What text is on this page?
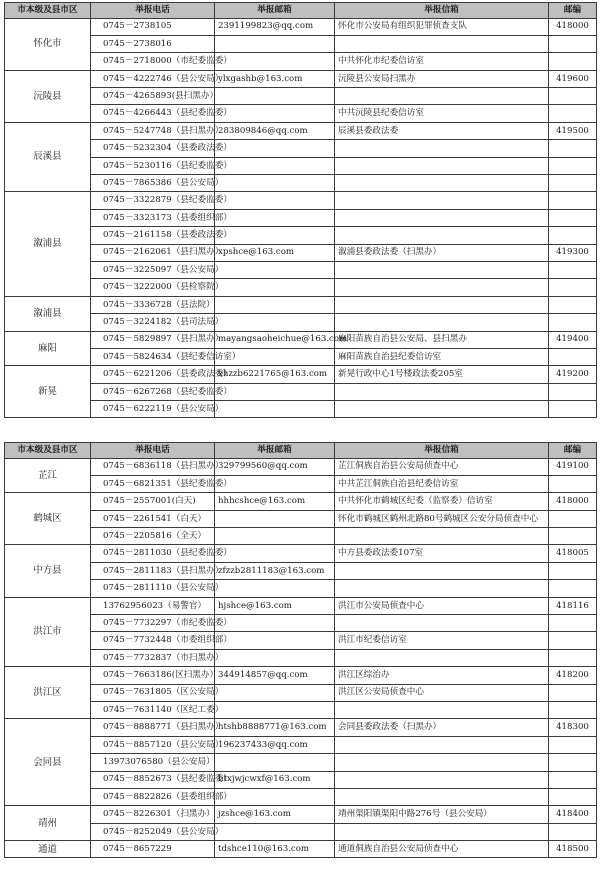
市本级及县市区	举报电话	举报邮箱	举报信箱	邮编
怀化市	0745－2738105	2391199823@qq.com	怀化市公安局有组织犯罪侦查支队	418000
	0745－2738016			
	0745－2718000（市纪委监委）		中共怀化市纪委信访室	
沅陵县	0745－4222746（县公安局）	ylxgashb@163.com	沅陵县公安局扫黑办	419600
	0745－4265893(县扫黑办）			
	0745－4266443（县纪委监委）		中共沅陵县纪委信访室	
辰溪县	0745－5247748（县扫黑办）	283809846@qq.com	辰溪县委政法委	419500
	0745－5232304（县委政法委）			
	0745－5230116（县纪委监委）			
	0745－7865386（县公安局）			
溆浦县	0745－3322879（县纪委监委）			
	0745－3323173（县委组织部）			
	0745－2161158（县委政法委）			
	0745－2162061（县扫黑办）	xpshce@163.com	溆浦县委政法委（扫黑办）	419300
	0745－3225097（县公安局）			
	0745－3222000（县检察院）			
溆浦县	0745－3336728（县法院）			
	0745－3224182（县司法局）			
麻阳	0745－5829897（县扫黑办）	mayangsaoheichue@163.com	麻阳苗族自治县公安局、县扫黑办	419400
	0745－5824634（县纪委信访室）		麻阳苗族自治县纪委信访室	
新晃	0745－6221206（县委政法委）	xhzzb6221765@163.com	新晃行政中心1号楼政法委205室	419200
	0745－6267268（县纪委监委）			
	0745－6222119（县公安局）			
市本级及县市区	举报电话	举报邮箱	举报信箱	邮编
芷江	0745－6836118（县扫黑办）	329799560@qq.com	芷江侗族自治县公安局侦查中心	419100
	0745－6821351（县纪委监委）		中共芷江侗族自治县纪委信访室	
鹤城区	0745－2557001(白天)	hhhcshce@163.com	中共怀化市鹤城区纪委（监察委）信访室	418000
	0745－2261541（白天）		怀化市鹤城区鹤州北路80号鹤城区公安分局侦查中心	
	0745－2205816（全天）			
中方县	0745－2811030（县纪委监委）		中方县委政法委107室	418005
	0745－2811183（县扫黑办）	zfzzb2811183@163.com		
	0745－2811110（县公安局）			
洪江市	13762956023（易警官）	hjshce@163.com	洪江市公安局侦查中心	418116
	0745－7732297（市纪委监委）			
	0745－7732448（市委组织部）		洪江市纪委信访室	
	0745－7732837（市扫黑办）			
洪江区	0745－7663186(区扫黑办）	344914857@qq.com	洪江区综治办	418200
	0745－7631805（区公安局）		洪江区公安局侦查中心	
	0745－7631140（区纪工委）			
会同县	0745－8888771（县扫黑办）	htshb8888771@163.com	会同县委政法委（扫黑办）	418300
	0745－8857120（县公安局）	196237433@qq.com		
	13973076580（县公安局）			
	0745－8852673（县纪委监委）	htxjwjcwxf@163.com		
	0745－8822826（县委组织部）			
靖州	0745－8226301（扫黑办）	jzshce@163.com	靖州渠阳镇渠阳中路276号（县公安局）	418400
	0745－8252049（县公安局）			
通道	0745－8657229	tdshce110@163.com	通道侗族自治县公安局侦查中心	418500
